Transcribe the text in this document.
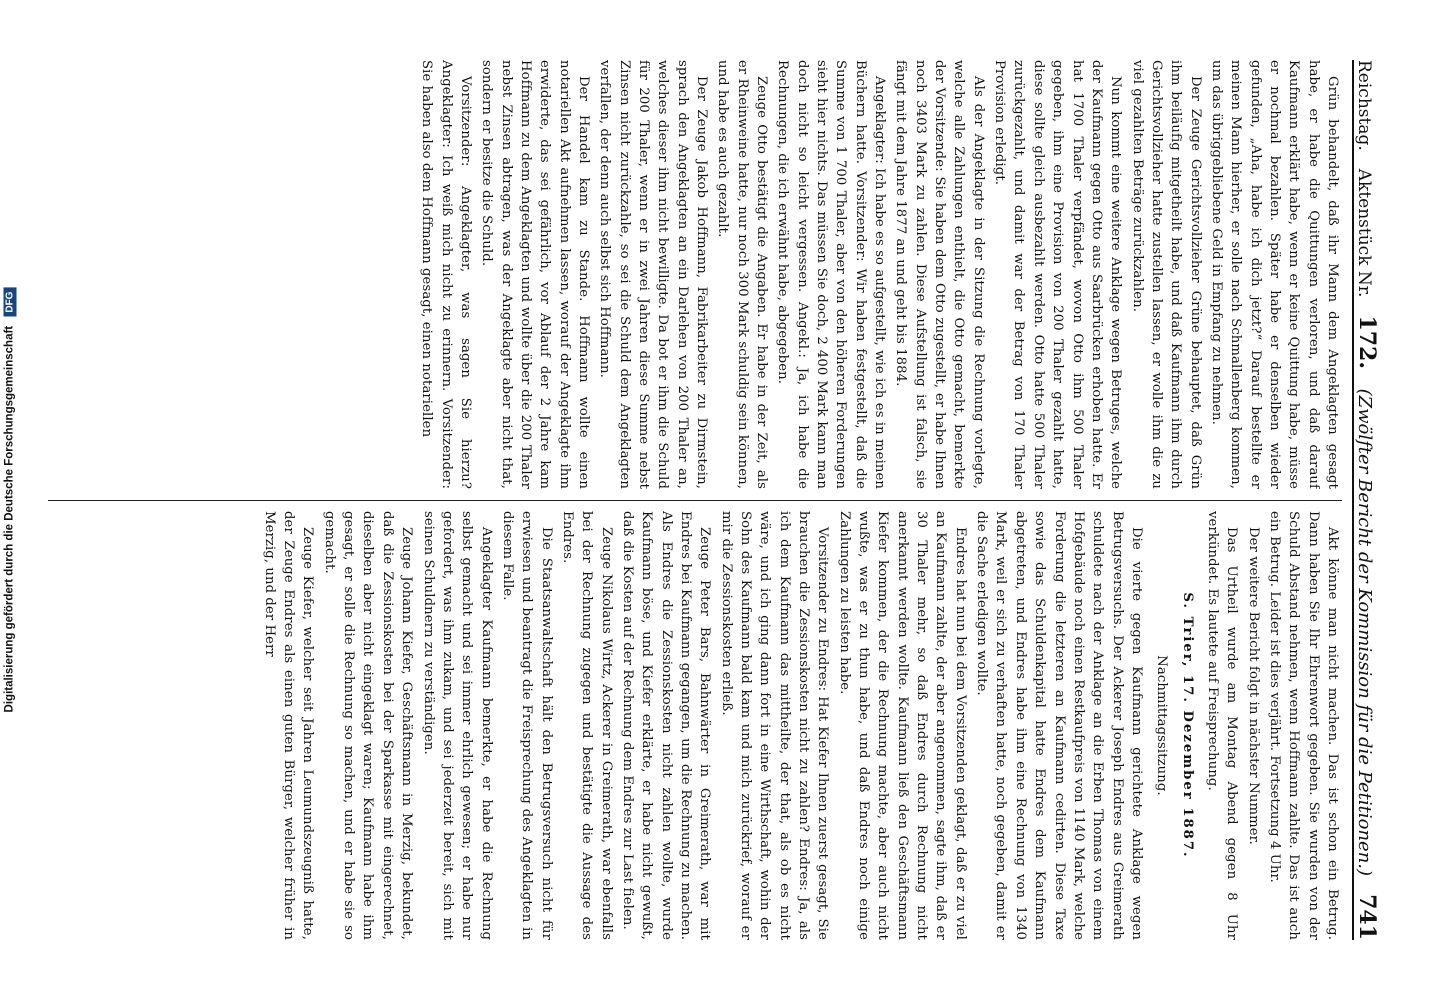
Digitalisierung gefördert durch die Deutsche Forschungsgemeinschaft DFG
Reichstag.
Aktenstück Nr.
172.
(Zwölfter Bericht der Kommission für die Petitionen.)
741

Grün behandelt, daß ihr Mann dem Angeklagten gesagt habe, er habe die Quittungen verloren, und daß darauf Kaufmann erklärt habe, wenn er keine Quittung habe, müsse er nochmal bezahlen. Später habe er denselben wieder gefunden, „Aha, habe ich dich jetzt?“ Darauf bestellte er meinen Mann hierher, er solle nach Schmallenberg kommen, um das übriggebliebene Geld in Empfang zu nehmen.

Der Zeuge Gerichtsvollzieher Grüne behauptet, daß Grün ihm beiläufig mitgetheilt habe, und daß Kaufmann ihm durch Gerichtsvollzieher hatte zustellen lassen, er wolle ihm die zu viel gezahlten Beträge zurückzahlen.

Nun kommt eine weitere Anklage wegen Betruges, welche der Kaufmann gegen Otto aus Saarbrücken erhoben hatte. Er hat 1700 Thaler verpfändet, wovon Otto ihm 500 Thaler gegeben, ihm eine Provision von 200 Thaler gezahlt hatte, diese sollte gleich ausbezahlt werden. Otto hatte 500 Thaler zurückgezahlt, und damit war der Betrag von 170 Thaler Provision erledigt.

Als der Angeklagte in der Sitzung die Rechnung vorlegte, welche alle Zahlungen enthielt, die Otto gemacht, bemerkte der Vorsitzende: Sie haben dem Otto zugestellt, er habe Ihnen noch 3403 Mark zu zahlen. Diese Aufstellung ist falsch, sie fängt mit dem Jahre 1877 an und geht bis 1884.

Angeklagter: Ich habe es so aufgestellt, wie ich es in meinen Büchern hatte. Vorsitzender: Wir haben festgestellt, daß die Summe von 1 700 Thaler, aber von den höheren Forderungen sieht hier nichts. Das müssen Sie doch, 2 400 Mark kann man doch nicht so leicht vergessen. Angekl.: Ja, ich habe die Rechnungen, die ich erwähnt habe, abgegeben.

Zeuge Otto bestätigt die Angaben. Er habe in der Zeit, als er Rheinweine hatte, nur noch 300 Mark schuldig sein können, und habe es auch gezahlt.

Der Zeuge Jakob Hoffmann, Fabrikarbeiter zu Dirmstein, sprach den Angeklagten an ein Darlehen von 200 Thaler an, welches dieser ihm nicht bewilligte. Da bot er ihm die Schuld für 200 Thaler, wenn er in zwei Jahren diese Summe nebst Zinsen nicht zurückzahle, so sei die Schuld dem Angeklagten verfallen, der denn auch selbst sich Hoffmann.

Der Handel kam zu Stande. Hoffmann wollte einen notariellen Akt aufnehmen lassen, worauf der Angeklagte ihm erwiderte, das sei gefährlich, vor Ablauf der 2 Jahre kam Hoffmann zu dem Angeklagten und wollte über die 200 Thaler nebst Zinsen abtragen, was der Angeklagte aber nicht that, sondern er besitze die Schuld.

Vorsitzender: Angeklagter, was sagen Sie hierzu? Angeklagter: Ich weiß mich nicht zu erinnern. Vorsitzender: Sie haben also dem Hoffmann gesagt, einen notariellen

Akt könne man nicht machen. Das ist schon ein Betrug. Dann haben Sie Ihr Ehrenwort gegeben. Sie wurden von der Schuld Abstand nehmen, wenn Hoffmann zahlte. Das ist auch ein Betrug. Leider ist dies verjährt. Fortsetzung 4 Uhr.

Der weitere Bericht folgt in nächster Nummer.

Das Urtheil wurde am Montag Abend gegen 8 Uhr verkündet. Es lautete auf Freisprechung.

S. Trier, 17. Dezember 1887.

Nachmittagssitzung.

Die vierte gegen Kaufmann gerichtete Anklage wegen Betrugsversuchs. Der Ackerer Joseph Endres aus Greimerath schuldete nach der Anklage an die Erben Thomas von einem Hofgebäude noch einen Restkaufpreis von 1140 Mark, welche Forderung die letzteren an Kaufmann cedirten. Diese Taxe sowie das Schuldenkapital hatte Endres dem Kaufmann abgetreten, und Endres habe ihm eine Rechnung von 1340 Mark, weil er sich zu verhaften hatte, noch gegeben, damit er die Sache erledigen wollte.

Endres hat nun bei dem Vorsitzenden geklagt, daß er zu viel an Kaufmann zahlte, der aber angenommen, sagte ihm, daß er 30 Thaler mehr, so daß Endres durch Rechnung nicht anerkannt werden wollte. Kaufmann ließ den Geschäftsmann Kiefer kommen, der die Rechnung machte, aber auch nicht wußte, was er zu thun habe, und daß Endres noch einige Zahlungen zu leisten habe.

Vorsitzender zu Endres: Hat Kiefer Ihnen zuerst gesagt, Sie brauchen die Zessionskosten nicht zu zahlen? Endres: Ja, als ich dem Kaufmann das mittheilte, der that, als ob es nicht wäre, und ich ging dann fort in eine Wirthschaft, wohin der Sohn des Kaufmann bald kam und mich zurückrief, worauf er mir die Zessionskosten erließ.

Zeuge Peter Bars, Bahnwärter in Greimerath, war mit Endres bei Kaufmann gegangen, um die Rechnung zu machen. Als Endres die Zessionskosten nicht zahlen wollte, wurde Kaufmann böse, und Kiefer erklärte, er habe nicht gewußt, daß die Kosten auf der Rechnung dem Endres zur Last fielen.

Zeuge Nikolaus Wirtz, Ackerer in Greimerath, war ebenfalls bei der Rechnung zugegen und bestätigte die Aussage des Endres.

Die Staatsanwaltschaft hält den Betrugsversuch nicht für erwiesen und beantragt die Freisprechung des Angeklagten in diesem Falle.

Angeklagter Kaufmann bemerkte, er habe die Rechnung selbst gemacht und sei immer ehrlich gewesen; er habe nur gefordert, was ihm zukam, und sei jederzeit bereit, sich mit seinen Schuldnern zu verständigen.

Zeuge Johann Kiefer, Geschäftsmann in Merzig, bekundet, daß die Zessionskosten bei der Sparkasse mit eingerechnet, dieselben aber nicht eingeklagt waren; Kaufmann habe ihm gesagt, er solle die Rechnung so machen, und er habe sie so gemacht.

Zeuge Kiefer, welcher seit Jahren Leumundszeugniß hatte, der Zeuge Endres als einen guten Bürger, welcher früher in Merzig, und der Herr
